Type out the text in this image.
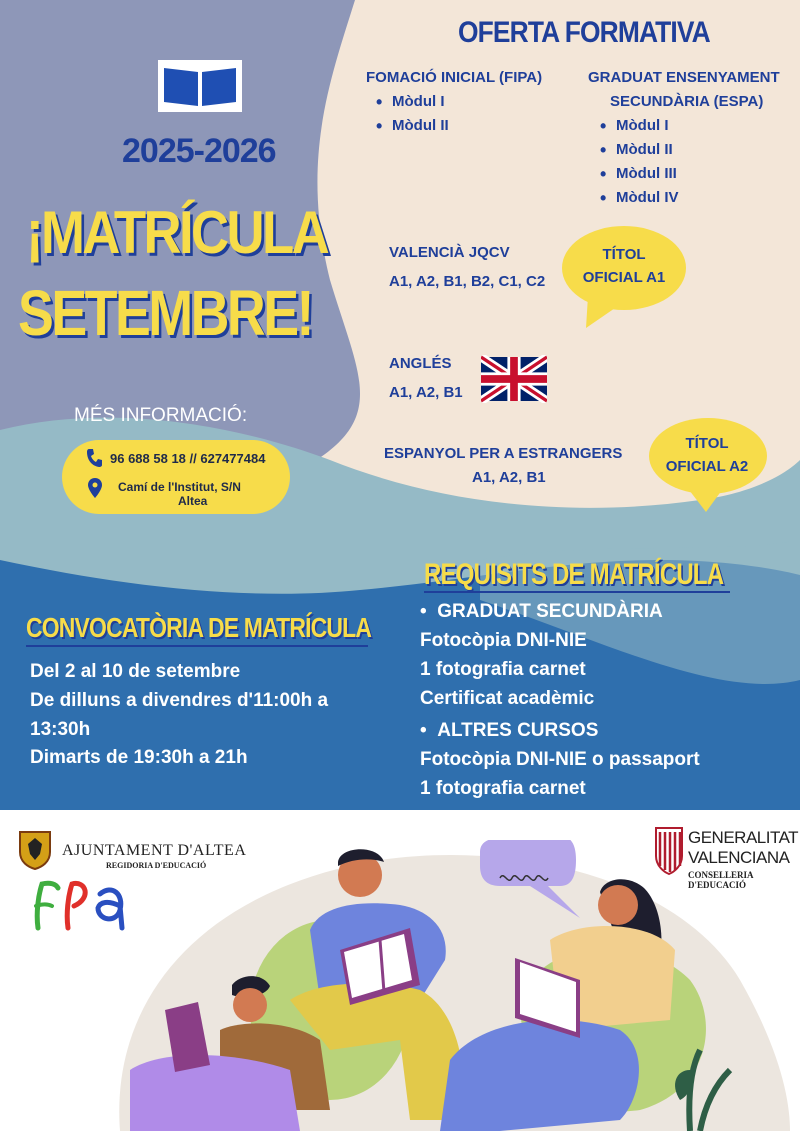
2025-2026
¡MATRÍCULA
SETEMBRE!
MÉS INFORMACIÓ:
96 688 58 18 // 627477484
Camí de l'Institut, S/N
Altea
OFERTA FORMATIVA
FOMACIÓ INICIAL (FIPA)
• Mòdul I
• Mòdul II
GRADUAT ENSENYAMENT
SECUNDÀRIA (ESPA)
• Mòdul I
• Mòdul II
• Mòdul III
• Mòdul IV
VALENCIÀ JQCV
A1, A2, B1, B2, C1, C2
TÍTOL
OFICIAL A1
ANGLÉS
A1, A2, B1
ESPANYOL PER A ESTRANGERS
A1, A2, B1
TÍTOL
OFICIAL A2
REQUISITS DE MATRÍCULA
•  GRADUAT SECUNDÀRIA
Fotocòpia DNI-NIE
1 fotografia carnet
Certificat acadèmic
•  ALTRES CURSOS
Fotocòpia DNI-NIE o passaport
1 fotografia carnet
CONVOCATÒRIA DE MATRÍCULA
Del 2 al 10 de setembre
De dilluns a divendres d'11:00h a
13:30h
Dimarts de 19:30h a 21h
AJUNTAMENT D'ALTEA
REGIDORIA D'EDUCACIÓ
GENERALITAT
VALENCIANA
CONSELLERIA D'EDUCACIÓ
